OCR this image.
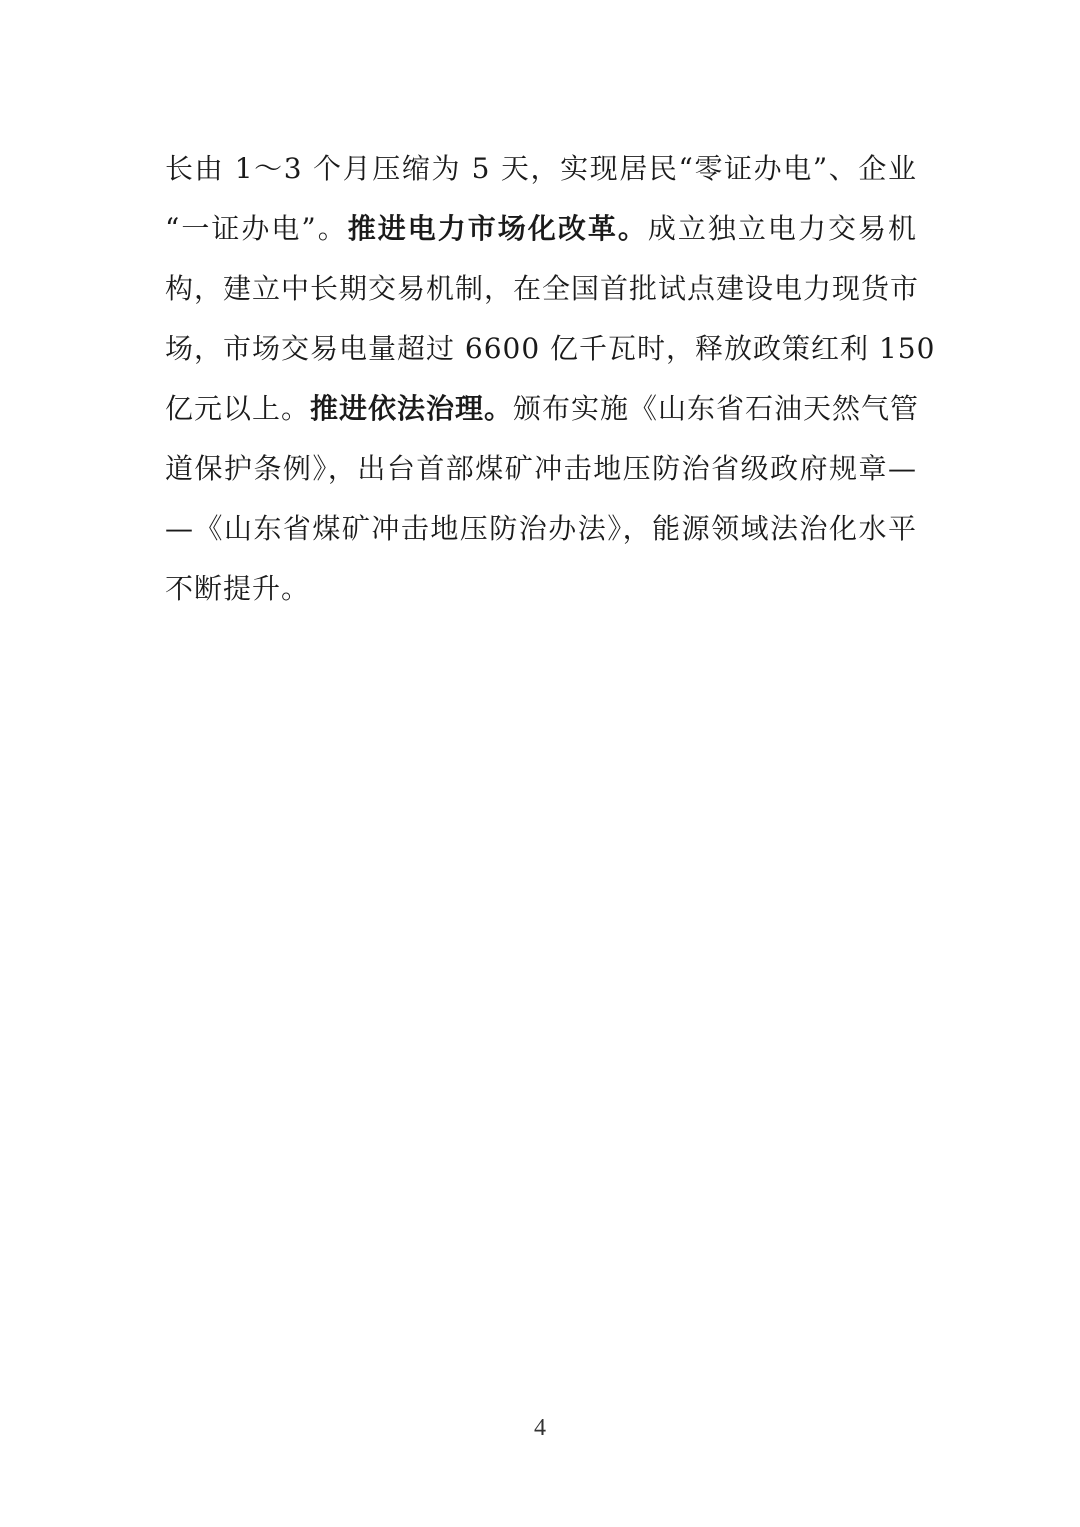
长由 1～3 个月压缩为 5 天，实现居民“零证办电”、企业
“一证办电”。推进电力市场化改革。成立独立电力交易机
构，建立中长期交易机制，在全国首批试点建设电力现货市
场，市场交易电量超过 6600 亿千瓦时，释放政策红利 150
亿元以上。推进依法治理。颁布实施《山东省石油天然气管
道保护条例》，出台首部煤矿冲击地压防治省级政府规章—
—《山东省煤矿冲击地压防治办法》，能源领域法治化水平
不断提升。
4
